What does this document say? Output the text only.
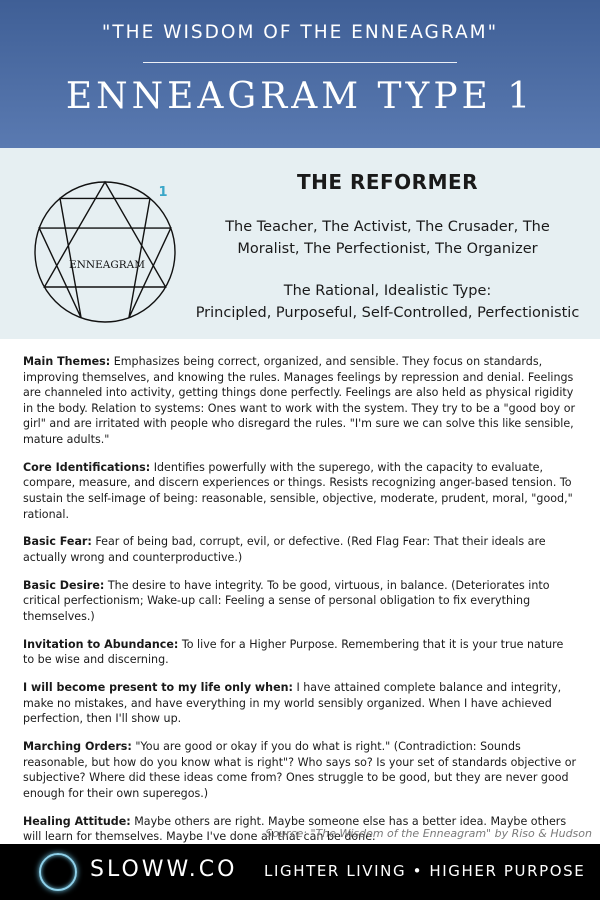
"THE WISDOM OF THE ENNEAGRAM"
ENNEAGRAM TYPE 1
ENNEAGRAM
1	THE REFORMER
The Teacher, The Activist, The Crusader, The Moralist, The Perfectionist, The Organizer
The Rational, Idealistic Type:
Principled, Purposeful, Self-Controlled, Perfectionistic

Main Themes: Emphasizes being correct, organized, and sensible. They focus on standards, improving themselves, and knowing the rules. Manages feelings by repression and denial. Feelings are channeled into activity, getting things done perfectly. Feelings are also held as physical rigidity in the body. Relation to systems: Ones want to work with the system. They try to be a "good boy or girl" and are irritated with people who disregard the rules. "I'm sure we can solve this like sensible, mature adults."

Core Identifications: Identifies powerfully with the superego, with the capacity to evaluate, compare, measure, and discern experiences or things. Resists recognizing anger-based tension. To sustain the self-image of being: reasonable, sensible, objective, moderate, prudent, moral, "good," rational.

Basic Fear: Fear of being bad, corrupt, evil, or defective. (Red Flag Fear: That their ideals are actually wrong and counterproductive.)

Basic Desire: The desire to have integrity. To be good, virtuous, in balance. (Deteriorates into critical perfectionism; Wake-up call: Feeling a sense of personal obligation to fix everything themselves.)

Invitation to Abundance: To live for a Higher Purpose. Remembering that it is your true nature to be wise and discerning.

I will become present to my life only when: I have attained complete balance and integrity, make no mistakes, and have everything in my world sensibly organized. When I have achieved perfection, then I'll show up.

Marching Orders: "You are good or okay if you do what is right." (Contradiction: Sounds reasonable, but how do you know what is right"? Who says so? Is your set of standards objective or subjective? Where did these ideas come from? Ones struggle to be good, but they are never good enough for their own superegos.)

Healing Attitude: Maybe others are right. Maybe someone else has a better idea. Maybe others will learn for themselves. Maybe I've done all that can be done.

Source: "The Wisdom of the Enneagram" by Riso & Hudson
SLOWW.CO LIGHTER LIVING • HIGHER PURPOSE
